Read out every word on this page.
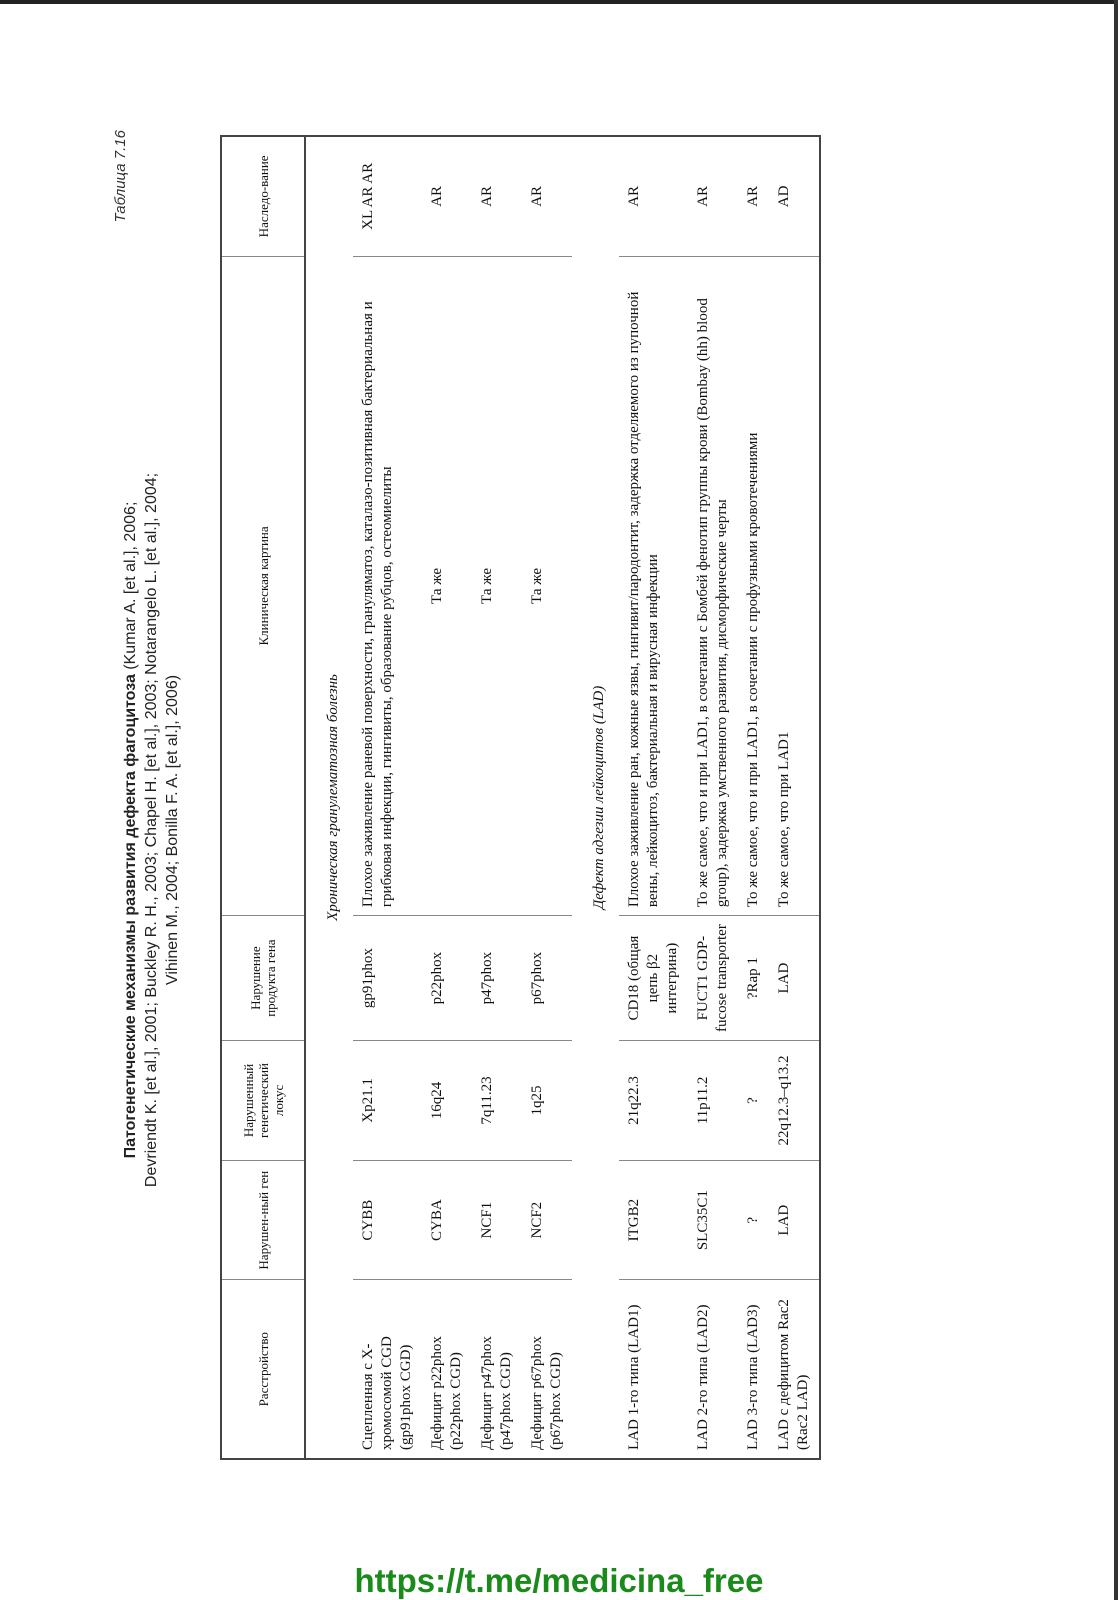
Таблица 7.16
Патогенетические механизмы развития дефекта фагоцитоза (Kumar A. [et al.], 2006; Devriendt K. [et al.], 2001; Buckley R. H., 2003; Chapel H. [et al.], 2003; Notarangelo L. [et al.], 2004; Vihinen M., 2004; Bonilla F. A. [et al.], 2006)
Расстройство	Нарушен-ный ген	Нарушенный генетический локус	Нарушение продукта гена	Клиническая картина	Наследо-вание
Хроническая гранулематозная болезнь					
Сцепленная с Х-хромосомой CGD (gp91phox CGD)	CYBB	Xp21.1	gp91phox	Плохое заживление раневой поверхности, грануляматоз, каталазо-позитивная бактериальная и грибковая инфекции, гингивиты, образование рубцов, остеомиелиты	XL AR AR
Дефицит p22phox (p22phox CGD)	CYBA	16q24	p22phox	Та же	AR
Дефицит p47phox (p47phox CGD)	NCF1	7q11.23	p47phox	Та же	AR
Дефицит p67phox (p67phox CGD)	NCF2	1q25	p67phox	Та же	AR
Дефект адгезии лейкоцитов (LAD)					
LAD 1-го типа (LAD1)	ITGB2	21q22.3	CD18 (общая цепь β2 интегрина)	Плохое заживление ран, кожные язвы, гингивит/пародонтит, задержка отделяемого из пупочной вены, лейкоцитоз, бактериальная и вирусная инфекции	AR
LAD 2-го типа (LAD2)	SLC35C1	11p11.2	FUCT1 GDP-fucose transporter	То же самое, что и при LAD1, в сочетании с Бомбей фенотип группы крови (Bombay (hh) blood group), задержка умственного развития, дисморфические черты	AR
LAD 3-го типа (LAD3)	?	?	?Rap 1	То же самое, что и при LAD1, в сочетании с профузными кровотечениями	AR
LAD с дефицитом Rac2 (Rac2 LAD)	LAD	22q12.3–q13.2	LAD	То же самое, что при LAD1	AD
https://t.me/medicina_free
